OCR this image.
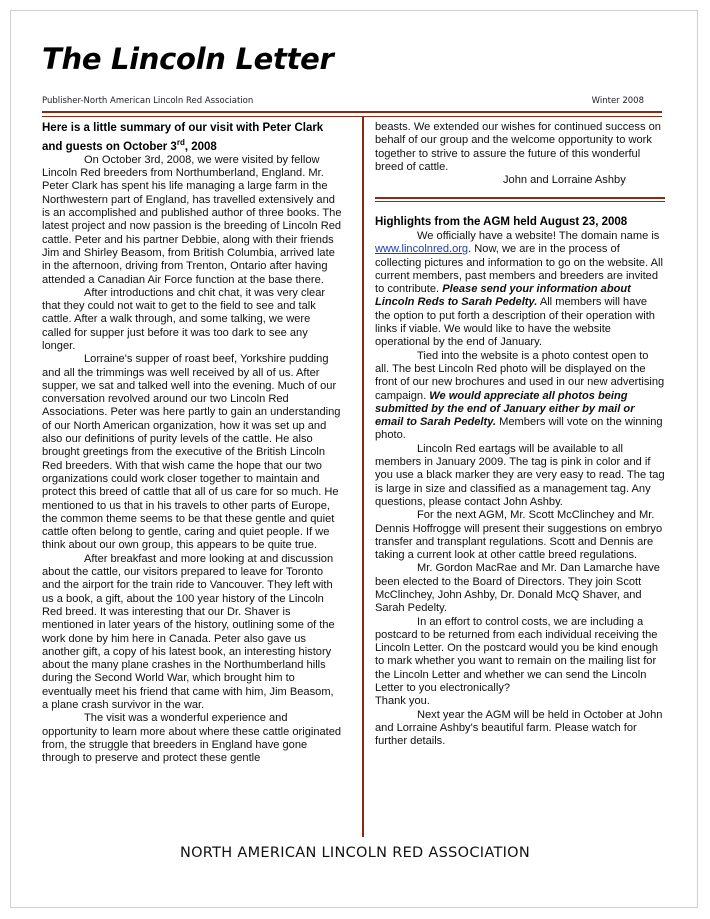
The Lincoln Letter
Publisher-North American Lincoln Red Association	Winter 2008
Here is a little summary of our visit with Peter Clark and guests on October 3rd, 2008

On October 3rd, 2008, we were visited by fellow Lincoln Red breeders from Northumberland, England. Mr. Peter Clark has spent his life managing a large farm in the Northwestern part of England, has travelled extensively and is an accomplished and published author of three books. The latest project and now passion is the breeding of Lincoln Red cattle. Peter and his partner Debbie, along with their friends Jim and Shirley Beasom, from British Columbia, arrived late in the afternoon, driving from Trenton, Ontario after having attended a Canadian Air Force function at the base there.

After introductions and chit chat, it was very clear that they could not wait to get to the field to see and talk cattle. After a walk through, and some talking, we were called for supper just before it was too dark to see any longer.

Lorraine's supper of roast beef, Yorkshire pudding and all the trimmings was well received by all of us. After supper, we sat and talked well into the evening. Much of our conversation revolved around our two Lincoln Red Associations. Peter was here partly to gain an understanding of our North American organization, how it was set up and also our definitions of purity levels of the cattle. He also brought greetings from the executive of the British Lincoln Red breeders. With that wish came the hope that our two organizations could work closer together to maintain and protect this breed of cattle that all of us care for so much. He mentioned to us that in his travels to other parts of Europe, the common theme seems to be that these gentle and quiet cattle often belong to gentle, caring and quiet people. If we think about our own group, this appears to be quite true.

After breakfast and more looking at and discussion about the cattle, our visitors prepared to leave for Toronto and the airport for the train ride to Vancouver. They left with us a book, a gift, about the 100 year history of the Lincoln Red breed. It was interesting that our Dr. Shaver is mentioned in later years of the history, outlining some of the work done by him here in Canada. Peter also gave us another gift, a copy of his latest book, an interesting history about the many plane crashes in the Northumberland hills during the Second World War, which brought him to eventually meet his friend that came with him, Jim Beasom, a plane crash survivor in the war.

The visit was a wonderful experience and opportunity to learn more about where these cattle originated from, the struggle that breeders in England have gone through to preserve and protect these gentle

beasts. We extended our wishes for continued success on behalf of our group and the welcome opportunity to work together to strive to assure the future of this wonderful breed of cattle.

John and Lorraine Ashby

Highlights from the AGM held August 23, 2008

We officially have a website! The domain name is www.lincolnred.org. Now, we are in the process of collecting pictures and information to go on the website. All current members, past members and breeders are invited to contribute. Please send your information about Lincoln Reds to Sarah Pedelty. All members will have the option to put forth a description of their operation with links if viable. We would like to have the website operational by the end of January.

Tied into the website is a photo contest open to all. The best Lincoln Red photo will be displayed on the front of our new brochures and used in our new advertising campaign. We would appreciate all photos being submitted by the end of January either by mail or email to Sarah Pedelty. Members will vote on the winning photo.

Lincoln Red eartags will be available to all members in January 2009. The tag is pink in color and if you use a black marker they are very easy to read. The tag is large in size and classified as a management tag. Any questions, please contact John Ashby.

For the next AGM, Mr. Scott McClinchey and Mr. Dennis Hoffrogge will present their suggestions on embryo transfer and transplant regulations. Scott and Dennis are taking a current look at other cattle breed regulations.

Mr. Gordon MacRae and Mr. Dan Lamarche have been elected to the Board of Directors. They join Scott McClinchey, John Ashby, Dr. Donald McQ Shaver, and Sarah Pedelty.

In an effort to control costs, we are including a postcard to be returned from each individual receiving the Lincoln Letter. On the postcard would you be kind enough to mark whether you want to remain on the mailing list for the Lincoln Letter and whether we can send the Lincoln Letter to you electronically?

Thank you.

Next year the AGM will be held in October at John and Lorraine Ashby's beautiful farm. Please watch for further details.

NORTH AMERICAN LINCOLN RED ASSOCIATION
